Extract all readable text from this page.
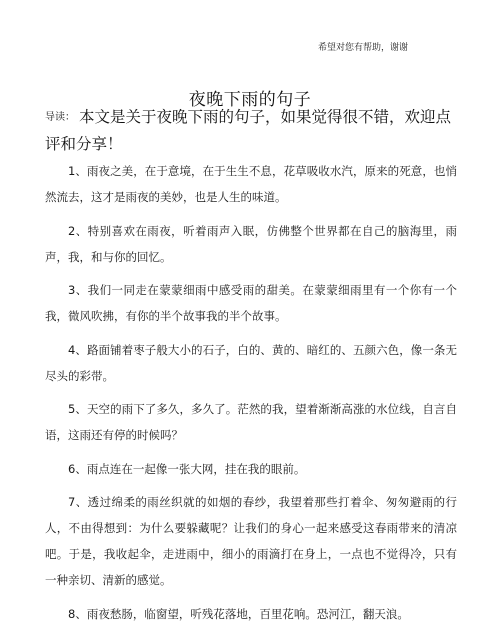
希望对您有帮助，谢谢
夜晚下雨的句子
导读： 本文是关于夜晚下雨的句子，如果觉得很不错，欢迎点 评和分享！

1、雨夜之美，在于意境，在于生生不息，花草吸收水汽，原来的死意，也悄然流去，这才是雨夜的美妙，也是人生的味道。

2、特别喜欢在雨夜，听着雨声入眠，仿佛整个世界都在自己的脑海里，雨声，我，和与你的回忆。

3、我们一同走在蒙蒙细雨中感受雨的甜美。在蒙蒙细雨里有一个你有一个我，微风吹拂，有你的半个故事我的半个故事。

4、路面铺着枣子般大小的石子，白的、黄的、暗红的、五颜六色，像一条无尽头的彩带。

5、天空的雨下了多久，多久了。茫然的我，望着渐渐高涨的水位线，自言自语，这雨还有停的时候吗？

6、雨点连在一起像一张大网，挂在我的眼前。

7、透过绵柔的雨丝织就的如烟的春纱，我望着那些打着伞、匆匆避雨的行人，不由得想到：为什么要躲藏呢？让我们的身心一起来感受这春雨带来的清凉吧。于是，我收起伞，走进雨中，细小的雨滴打在身上，一点也不觉得冷，只有一种亲切、清新的感觉。

8、雨夜愁肠，临窗望，听残花落地，百里花响。恐河江，翻天浪。
